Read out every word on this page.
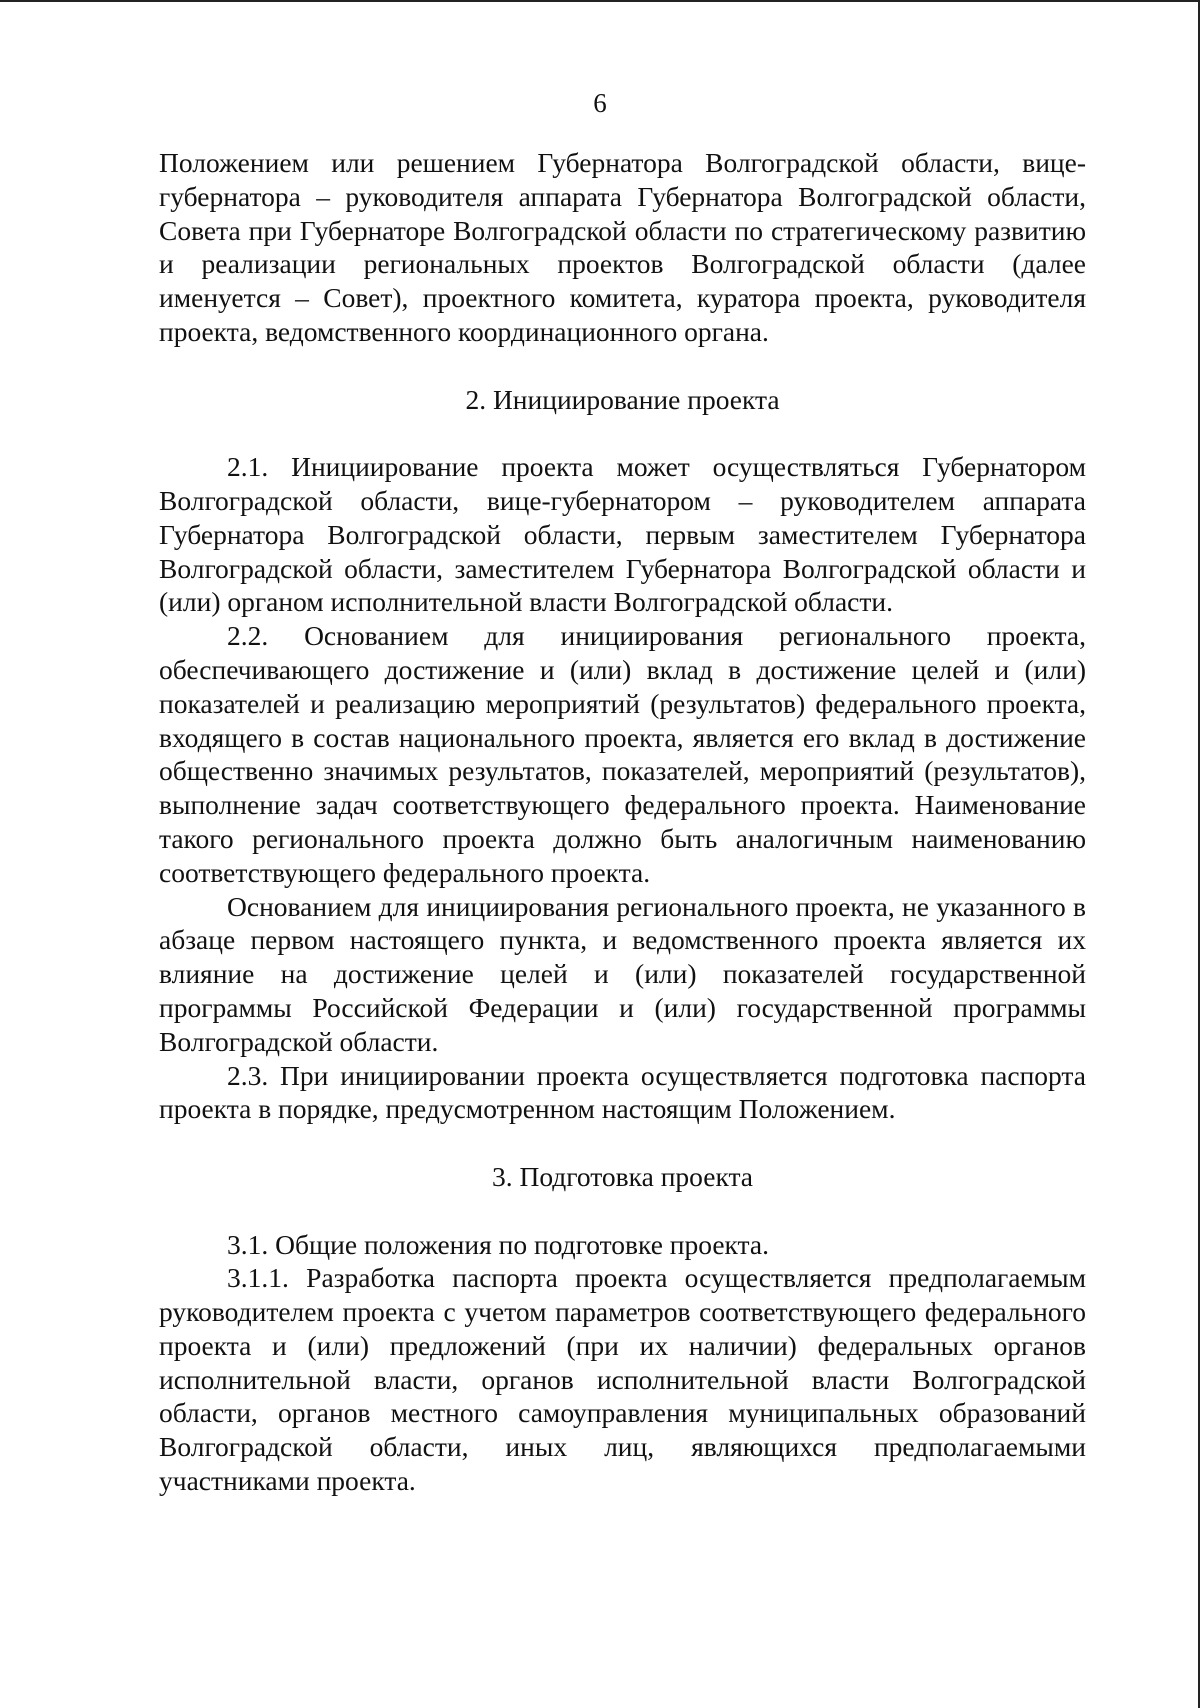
6

Положением или решением Губернатора Волгоградской области, вице-губернатора – руководителя аппарата Губернатора Волгоградской области, Совета при Губернаторе Волгоградской области по стратегическому развитию и реализации региональных проектов Волгоградской области (далее именуется – Совет), проектного комитета, куратора проекта, руководителя проекта, ведомственного координационного органа.

2. Инициирование проекта

2.1. Инициирование проекта может осуществляться Губернатором Волгоградской области, вице-губернатором – руководителем аппарата Губернатора Волгоградской области, первым заместителем Губернатора Волгоградской области, заместителем Губернатора Волгоградской области и (или) органом исполнительной власти Волгоградской области.

2.2. Основанием для инициирования регионального проекта, обеспечивающего достижение и (или) вклад в достижение целей и (или) показателей и реализацию мероприятий (результатов) федерального проекта, входящего в состав национального проекта, является его вклад в достижение общественно значимых результатов, показателей, мероприятий (результатов), выполнение задач соответствующего федерального проекта. Наименование такого регионального проекта должно быть аналогичным наименованию соответствующего федерального проекта.

Основанием для инициирования регионального проекта, не указанного в абзаце первом настоящего пункта, и ведомственного проекта является их влияние на достижение целей и (или) показателей государственной программы Российской Федерации и (или) государственной программы Волгоградской области.

2.3. При инициировании проекта осуществляется подготовка паспорта проекта в порядке, предусмотренном настоящим Положением.

3. Подготовка проекта

3.1. Общие положения по подготовке проекта.

3.1.1. Разработка паспорта проекта осуществляется предполагаемым руководителем проекта с учетом параметров соответствующего федерального проекта и (или) предложений (при их наличии) федеральных органов исполнительной власти, органов исполнительной власти Волгоградской области, органов местного самоуправления муниципальных образований Волгоградской области, иных лиц, являющихся предполагаемыми участниками проекта.
